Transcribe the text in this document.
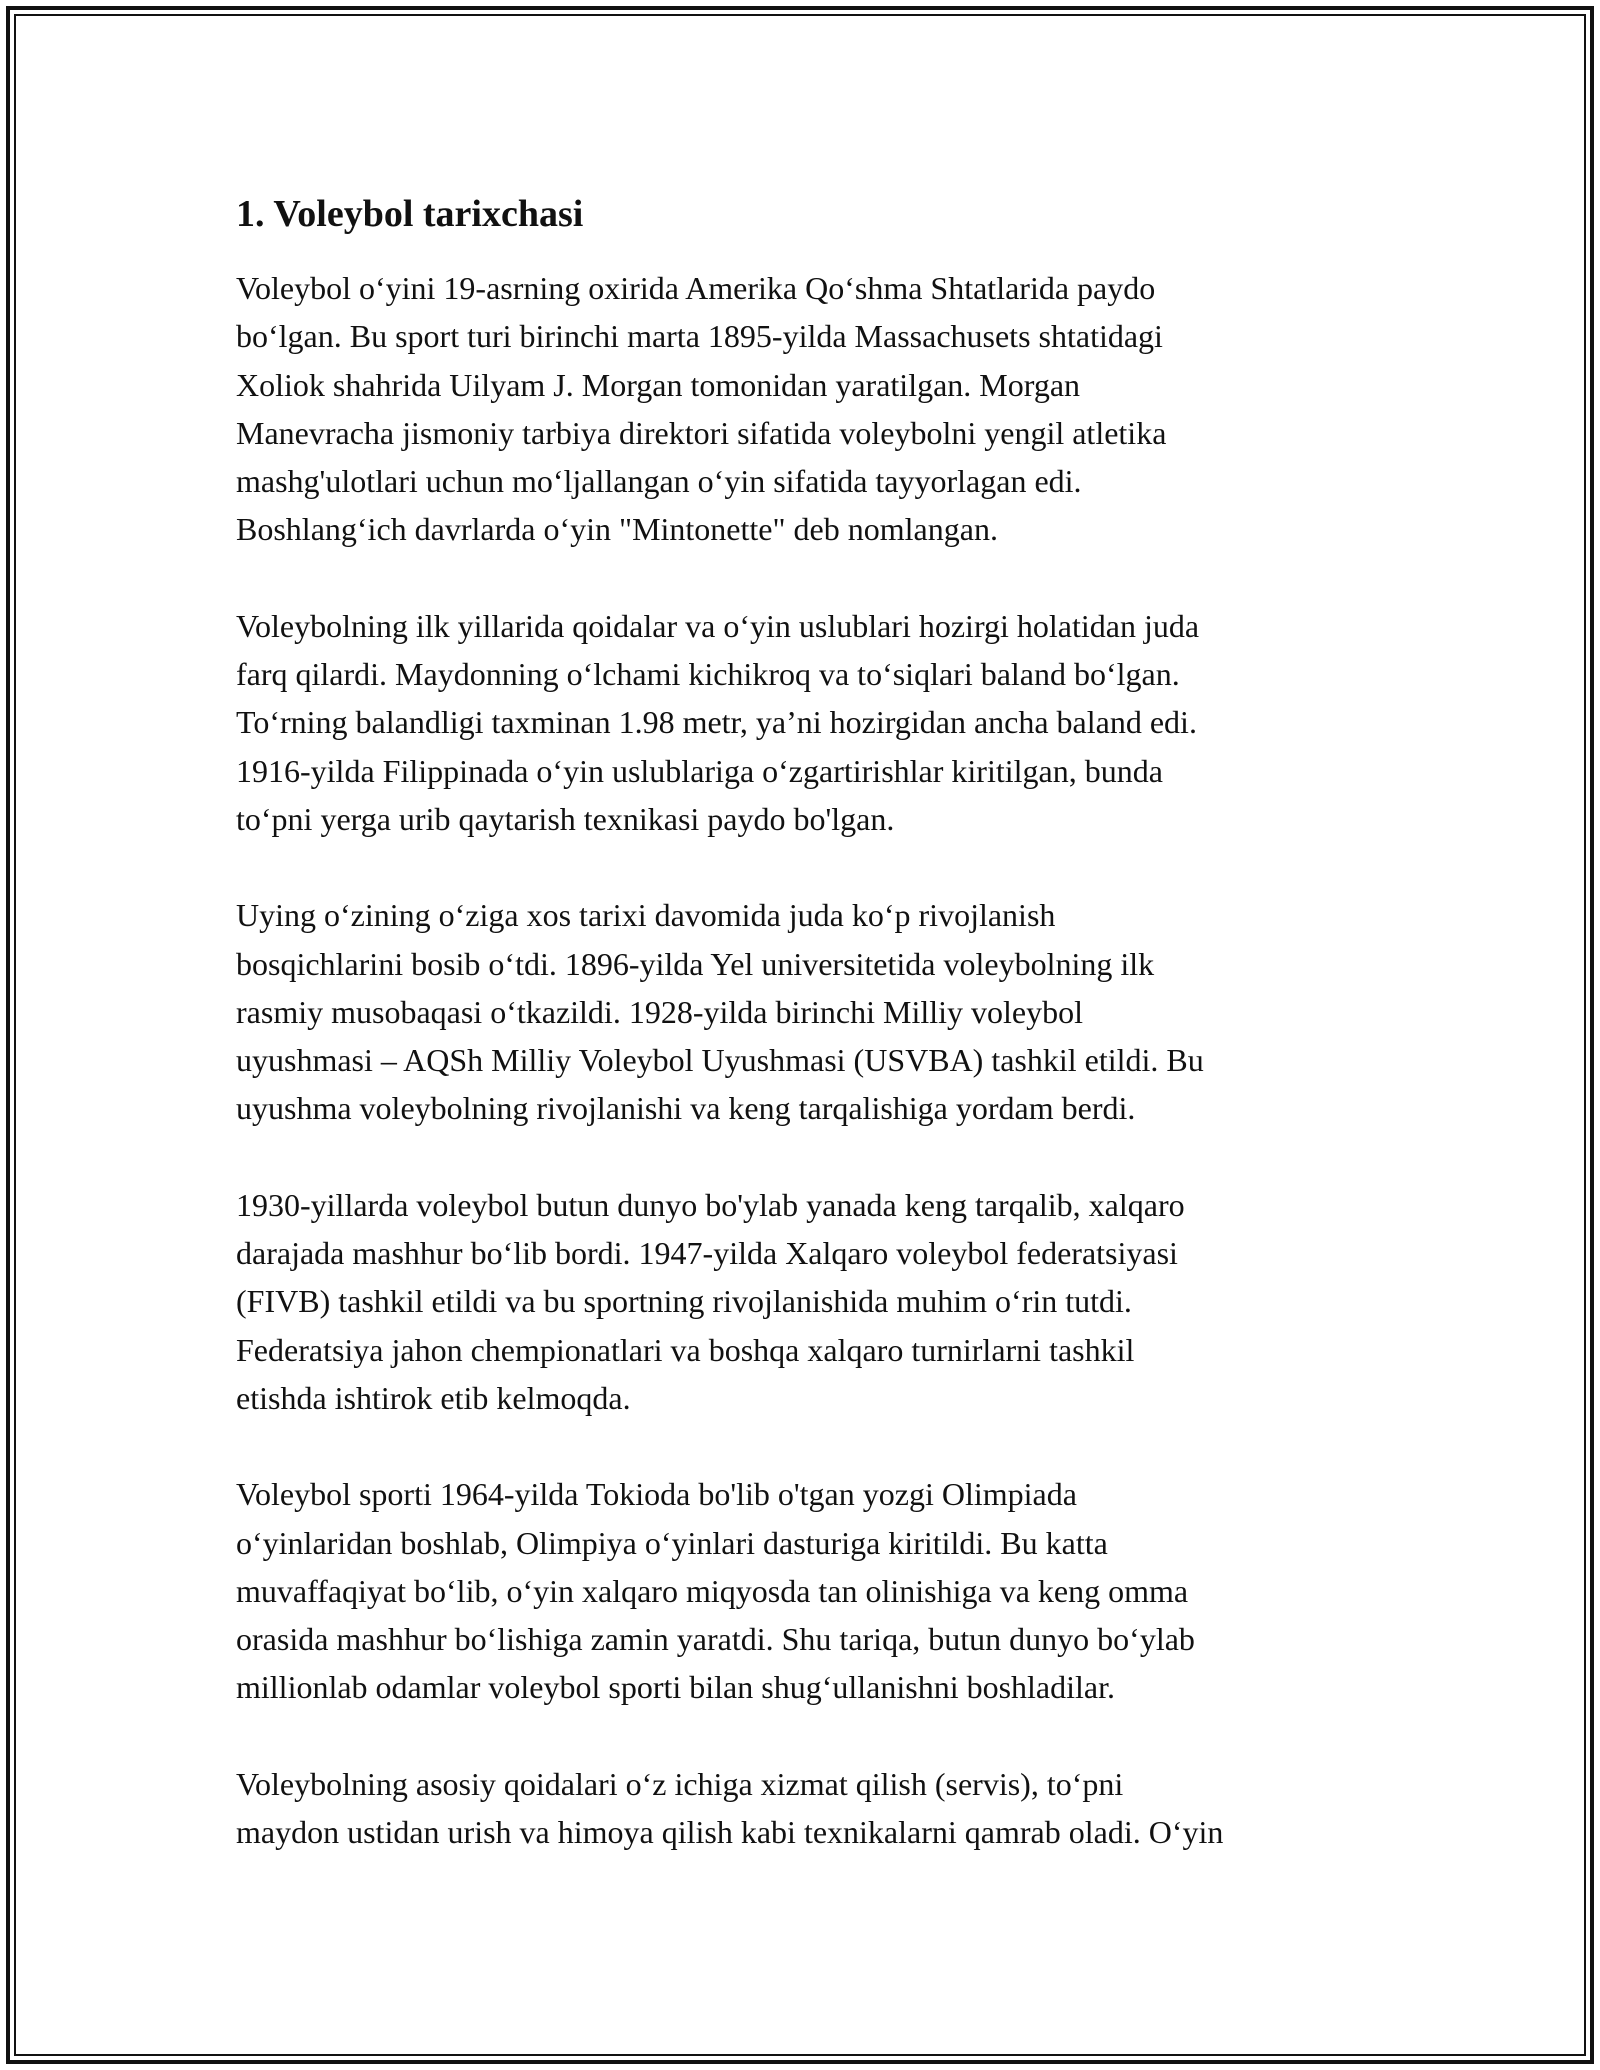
1. Voleybol tarixchasi

Voleybol oʻyini 19-asrning oxirida Amerika Qoʻshma Shtatlarida paydo
boʻlgan. Bu sport turi birinchi marta 1895-yilda Massachusets shtatidagi
Xoliok shahrida Uilyam J. Morgan tomonidan yaratilgan. Morgan
Manevracha jismoniy tarbiya direktori sifatida voleybolni yengil atletika
mashg'ulotlari uchun moʻljallangan oʻyin sifatida tayyorlagan edi.
Boshlangʻich davrlarda oʻyin "Mintonette" deb nomlangan.

Voleybolning ilk yillarida qoidalar va oʻyin uslublari hozirgi holatidan juda
farq qilardi. Maydonning oʻlchami kichikroq va toʻsiqlari baland boʻlgan.
Toʻrning balandligi taxminan 1.98 metr, yaʼni hozirgidan ancha baland edi.
1916-yilda Filippinada oʻyin uslublariga oʻzgartirishlar kiritilgan, bunda
toʻpni yerga urib qaytarish texnikasi paydo bo'lgan.

Uying oʻzining oʻziga xos tarixi davomida juda koʻp rivojlanish
bosqichlarini bosib oʻtdi. 1896-yilda Yel universitetida voleybolning ilk
rasmiy musobaqasi oʻtkazildi. 1928-yilda birinchi Milliy voleybol
uyushmasi – AQSh Milliy Voleybol Uyushmasi (USVBA) tashkil etildi. Bu
uyushma voleybolning rivojlanishi va keng tarqalishiga yordam berdi.

1930-yillarda voleybol butun dunyo bo'ylab yanada keng tarqalib, xalqaro
darajada mashhur boʻlib bordi. 1947-yilda Xalqaro voleybol federatsiyasi
(FIVB) tashkil etildi va bu sportning rivojlanishida muhim oʻrin tutdi.
Federatsiya jahon chempionatlari va boshqa xalqaro turnirlarni tashkil
etishda ishtirok etib kelmoqda.

Voleybol sporti 1964-yilda Tokioda bo'lib o'tgan yozgi Olimpiada
oʻyinlaridan boshlab, Olimpiya oʻyinlari dasturiga kiritildi. Bu katta
muvaffaqiyat boʻlib, oʻyin xalqaro miqyosda tan olinishiga va keng omma
orasida mashhur boʻlishiga zamin yaratdi. Shu tariqa, butun dunyo boʻylab
millionlab odamlar voleybol sporti bilan shugʻullanishni boshladilar.

Voleybolning asosiy qoidalari oʻz ichiga xizmat qilish (servis), toʻpni
maydon ustidan urish va himoya qilish kabi texnikalarni qamrab oladi. Oʻyin
